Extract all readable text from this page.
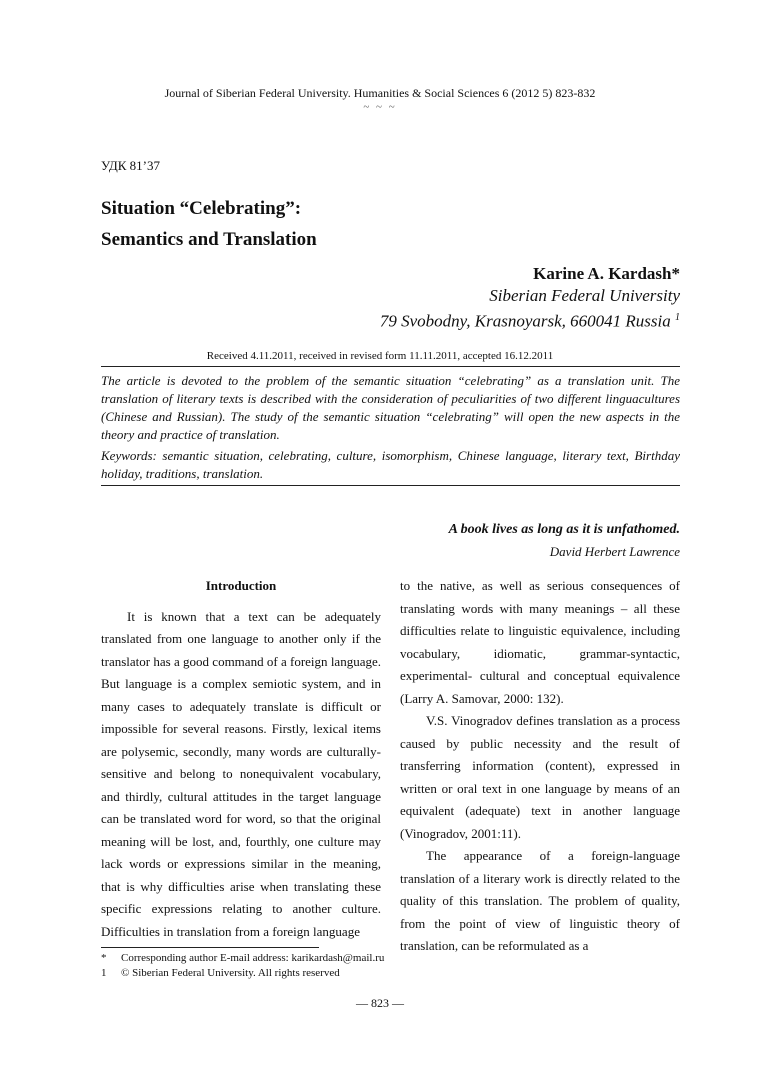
Journal of Siberian Federal University. Humanities & Social Sciences 6 (2012 5) 823-832
~ ~ ~
УДК 81’37
Situation “Celebrating”:
Semantics and Translation
Karine A. Kardash*
Siberian Federal University
79 Svobodny, Krasnoyarsk, 660041 Russia $^1$
Received 4.11.2011, received in revised form 11.11.2011, accepted 16.12.2011
The article is devoted to the problem of the semantic situation “celebrating” as a translation unit. The translation of literary texts is described with the consideration of peculiarities of two different linguacultures (Chinese and Russian). The study of the semantic situation “celebrating” will open the new aspects in the theory and practice of translation.
Keywords: semantic situation, celebrating, culture, isomorphism, Chinese language, literary text, Birthday holiday, traditions, translation.
A book lives as long as it is unfathomed.
David Herbert Lawrence
Introduction

It is known that a text can be adequately translated from one language to another only if the translator has a good command of a foreign language. But language is a complex semiotic system, and in many cases to adequately translate is difficult or impossible for several reasons. Firstly, lexical items are polysemic, secondly, many words are culturally-sensitive and belong to nonequivalent vocabulary, and thirdly, cultural attitudes in the target language can be translated word for word, so that the original meaning will be lost, and, fourthly, one culture may lack words or expressions similar in the meaning, that is why difficulties arise when translating these specific expressions relating to another culture. Difficulties in translation from a foreign language

to the native, as well as serious consequences of translating words with many meanings – all these difficulties relate to linguistic equivalence, including vocabulary, idiomatic, grammar-syntactic, experimental- cultural and conceptual equivalence (Larry A. Samovar, 2000: 132).

V.S. Vinogradov defines translation as a process caused by public necessity and the result of transferring information (content), expressed in written or oral text in one language by means of an equivalent (adequate) text in another language (Vinogradov, 2001:11).

The appearance of a foreign-language translation of a literary work is directly related to the quality of this translation. The problem of quality, from the point of view of linguistic theory of translation, can be reformulated as a

*	Corresponding author E-mail address: karikardash@mail.ru
1	© Siberian Federal University. All rights reserved
— 823 —
